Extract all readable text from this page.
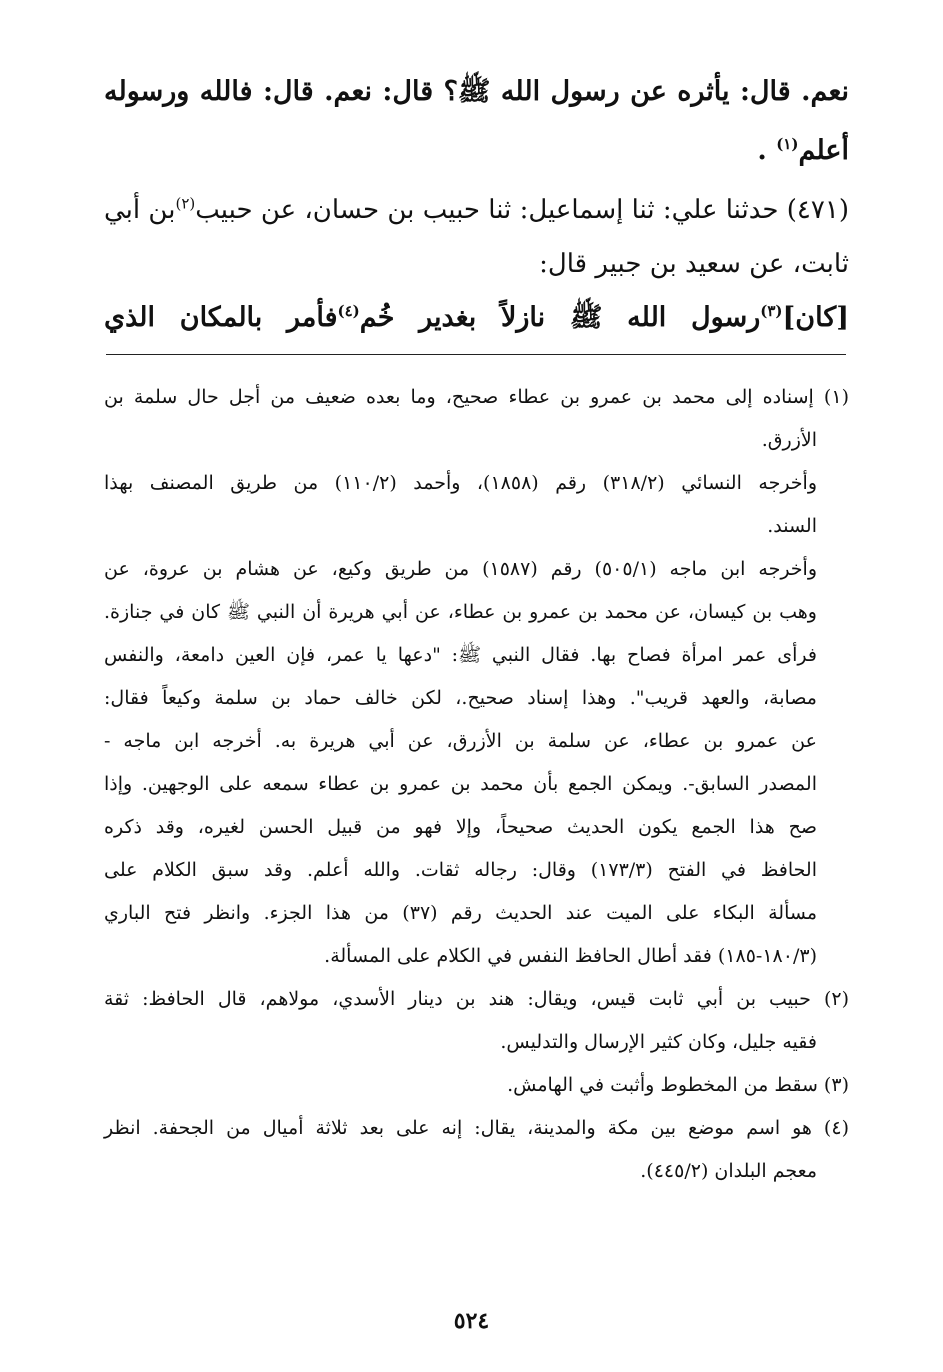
نعم. قال: يأثره عن رسول الله ﷺ؟ قال: نعم. قال: فالله ورسوله
أعلم$^{(١)}$ .
(٤٧١) حدثنا علي: ثنا إسماعيل: ثنا حبيب بن حسان، عن حبيب$^{(٢)}$بن أبي
ثابت، عن سعيد بن جبير قال:
[كان]$^{(٣)}$رسول الله ﷺ نازلاً بغدير خُم$^{(٤)}$فأمر بالمكان الذي
(١) إسناده إلى محمد بن عمرو بن عطاء صحيح، وما بعده ضعيف من أجل حال سلمة بن
الأزرق.
وأخرجه النسائي (٣١٨/٢) رقم (١٨٥٨)، وأحمد (١١٠/٢) من طريق المصنف بهذا
السند.
وأخرجه ابن ماجه (٥٠٥/١) رقم (١٥٨٧) من طريق وكيع، عن هشام بن عروة، عن
وهب بن كيسان، عن محمد بن عمرو بن عطاء، عن أبي هريرة أن النبي ﷺ كان في جنازة.
فرأى عمر امرأة فصاح بها. فقال النبي ﷺ: "دعها يا عمر، فإن العين دامعة، والنفس
مصابة، والعهد قريب". وهذا إسناد صحيح.، لكن خالف حماد بن سلمة وكيعاً فقال:
عن عمرو بن عطاء، عن سلمة بن الأزرق، عن أبي هريرة به. أخرجه ابن ماجه -
المصدر السابق-. ويمكن الجمع بأن محمد بن عمرو بن عطاء سمعه على الوجهين. وإذا
صح هذا الجمع يكون الحديث صحيحاً، وإلا فهو من قبيل الحسن لغيره، وقد ذكره
الحافظ في الفتح (١٧٣/٣) وقال: رجاله ثقات. والله أعلم. وقد سبق الكلام على
مسألة البكاء على الميت عند الحديث رقم (٣٧) من هذا الجزء. وانظر فتح الباري
(١٨٠/٣-١٨٥) فقد أطال الحافظ النفس في الكلام على المسألة.
(٢) حبيب بن أبي ثابت قيس، ويقال: هند بن دينار الأسدي، مولاهم، قال الحافظ: ثقة
فقيه جليل، وكان كثير الإرسال والتدليس.
(٣) سقط من المخطوط وأثبت في الهامش.
(٤) هو اسم موضع بين مكة والمدينة، يقال: إنه على بعد ثلاثة أميال من الجحفة. انظر
معجم البلدان (٤٤٥/٢).
٥٢٤
